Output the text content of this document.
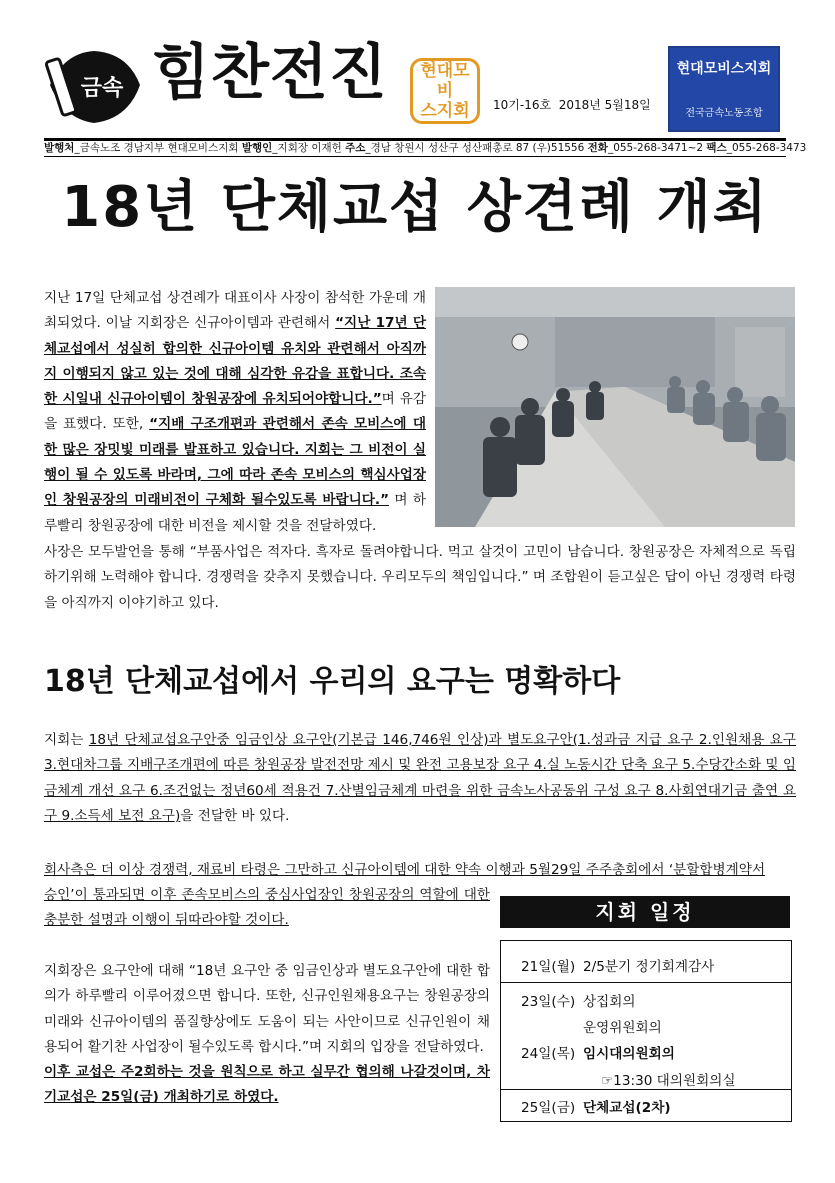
금속 힘찬전진	현대모비
스지회	10기-16호 2018년 5월18일
현대모비스지회
전국금속노동조합
발행처_금속노조 경남지부 현대모비스지회 발행인_지회장 이재헌 주소_경남 창원시 성산구 성산패총로 87 (우)51556 전화_055-268-3471~2 팩스_055-268-3473
18년 단체교섭 상견례 개최
지난 17일 단체교섭 상견례가 대표이사 사장이 참석한 가운데 개최되었다. 이날 지회장은 신규아이템과 관련해서 “지난 17년 단체교섭에서 성실히 합의한 신규아이템 유치와 관련해서 아직까지 이행되지 않고 있는 것에 대해 심각한 유감을 표합니다. 조속한 시일내 신규아이템이 창원공장에 유치되어야합니다.”며 유감을 표했다. 또한, “지배 구조개편과 관련해서 존속 모비스에 대한 많은 장밋빛 미래를 발표하고 있습니다. 지회는 그 비전이 실행이 될 수 있도록 바라며, 그에 따라 존속 모비스의 핵심사업장인 창원공장의 미래비전이 구체화 될수있도록 바랍니다.” 며 하루빨리 창원공장에 대한 비전을 제시할 것을 전달하였다.
사장은 모두발언을 통해 “부품사업은 적자다. 흑자로 돌려야합니다. 먹고 살것이 고민이 남습니다. 창원공장은 자체적으로 독립하기위해 노력해야 합니다. 경쟁력을 갖추지 못했습니다. 우리모두의 책임입니다.” 며 조합원이 듣고싶은 답이 아닌 경쟁력 타령을 아직까지 이야기하고 있다.
18년 단체교섭에서 우리의 요구는 명확하다
지회는 18년 단체교섭요구안중 임금인상 요구안(기본급 146,746원 인상)과 별도요구안(1.성과금 지급 요구 2.인원채용 요구 3.현대차그룹 지배구조개편에 따른 창원공장 발전전망 제시 및 완전 고용보장 요구 4.실 노동시간 단축 요구 5.수당간소화 및 임금체계 개선 요구 6.조건없는 정년60세 적용건 7.산별임금체계 마련을 위한 금속노사공동위 구성 요구 8.사회연대기금 출연 요구 9.소득세 보전 요구)을 전달한 바 있다.
회사측은 더 이상 경쟁력, 재료비 타령은 그만하고 신규아이템에 대한 약속 이행과 5월29일 주주총회에서 ‘분할합병계약서
승인’이 통과되면 이후 존속모비스의 중심사업장인 창원공장의 역할에 대한 충분한 설명과 이행이 뒤따라야할 것이다.
지회장은 요구안에 대해 “18년 요구안 중 임금인상과 별도요구안에 대한 합의가 하루빨리 이루어졌으면 합니다. 또한, 신규인원채용요구는 창원공장의 미래와 신규아이템의 품질향상에도 도움이 되는 사안이므로 신규인원이 채용되어 활기찬 사업장이 될수있도록 합시다.”며 지회의 입장을 전달하였다.
이후 교섭은 주2회하는 것을 원칙으로 하고 실무간 협의해 나갈것이며, 차기교섭은 25일(금) 개최하기로 하였다.
지회 일정
21일(월) 2/5분기 정기회계감사
23일(수) 상집회의
운영위원회의
24일(목) 임시대의원회의
☞13:30 대의원회의실
25일(금) 단체교섭(2차)
